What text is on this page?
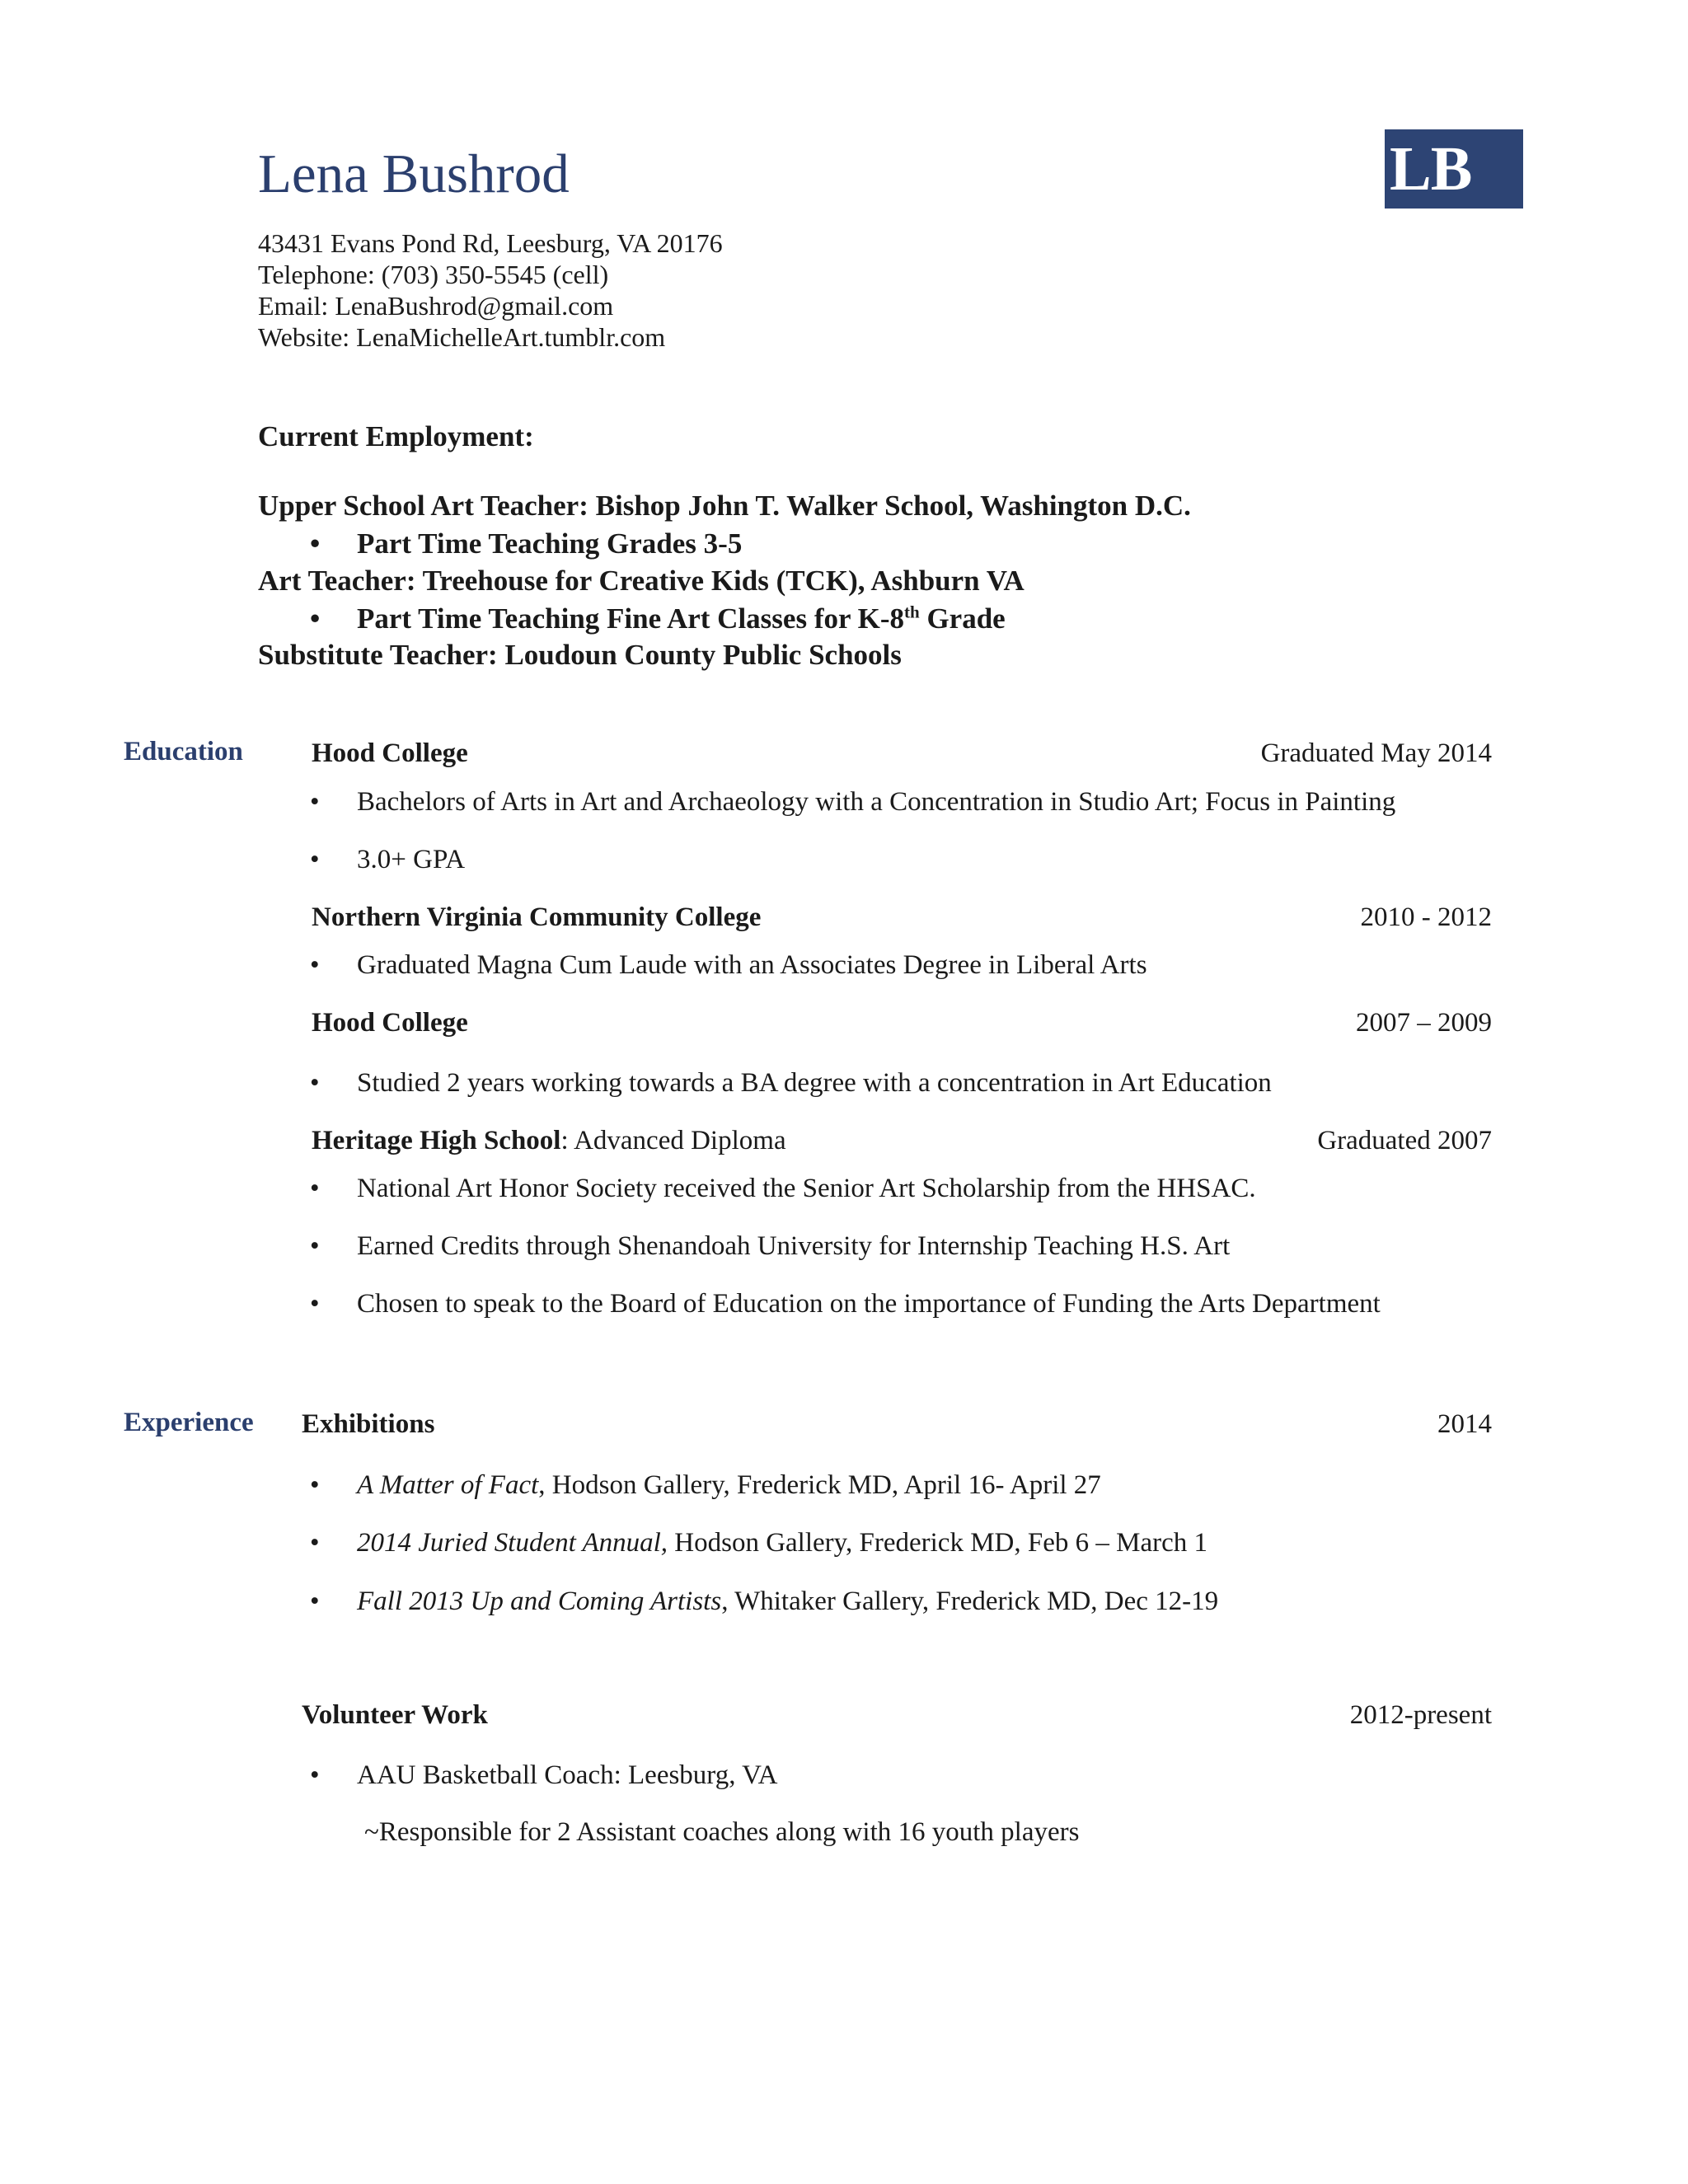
Lena Bushrod	LB
43431 Evans Pond Rd, Leesburg, VA 20176
Telephone: (703) 350-5545 (cell)
Email: LenaBushrod@gmail.com
Website: LenaMichelleArt.tumblr.com
Current Employment:
Upper School Art Teacher: Bishop John T. Walker School, Washington D.C.
• Part Time Teaching Grades 3-5
Art Teacher: Treehouse for Creative Kids (TCK), Ashburn VA
• Part Time Teaching Fine Art Classes for K-8th Grade
Substitute Teacher: Loudoun County Public Schools
Education	Hood College	Graduated May 2014
• Bachelors of Arts in Art and Archaeology with a Concentration in Studio Art; Focus in Painting
• 3.0+ GPA
Northern Virginia Community College	2010 - 2012
• Graduated Magna Cum Laude with an Associates Degree in Liberal Arts
Hood College	2007 – 2009
• Studied 2 years working towards a BA degree with a concentration in Art Education
Heritage High School: Advanced Diploma	Graduated 2007
• National Art Honor Society received the Senior Art Scholarship from the HHSAC.
• Earned Credits through Shenandoah University for Internship Teaching H.S. Art
• Chosen to speak to the Board of Education on the importance of Funding the Arts Department
Experience Exhibitions	2014
• A Matter of Fact, Hodson Gallery, Frederick MD, April 16- April 27
• 2014 Juried Student Annual, Hodson Gallery, Frederick MD, Feb 6 – March 1
• Fall 2013 Up and Coming Artists, Whitaker Gallery, Frederick MD, Dec 12-19
Volunteer Work	2012-present
• AAU Basketball Coach: Leesburg, VA
~Responsible for 2 Assistant coaches along with 16 youth players
